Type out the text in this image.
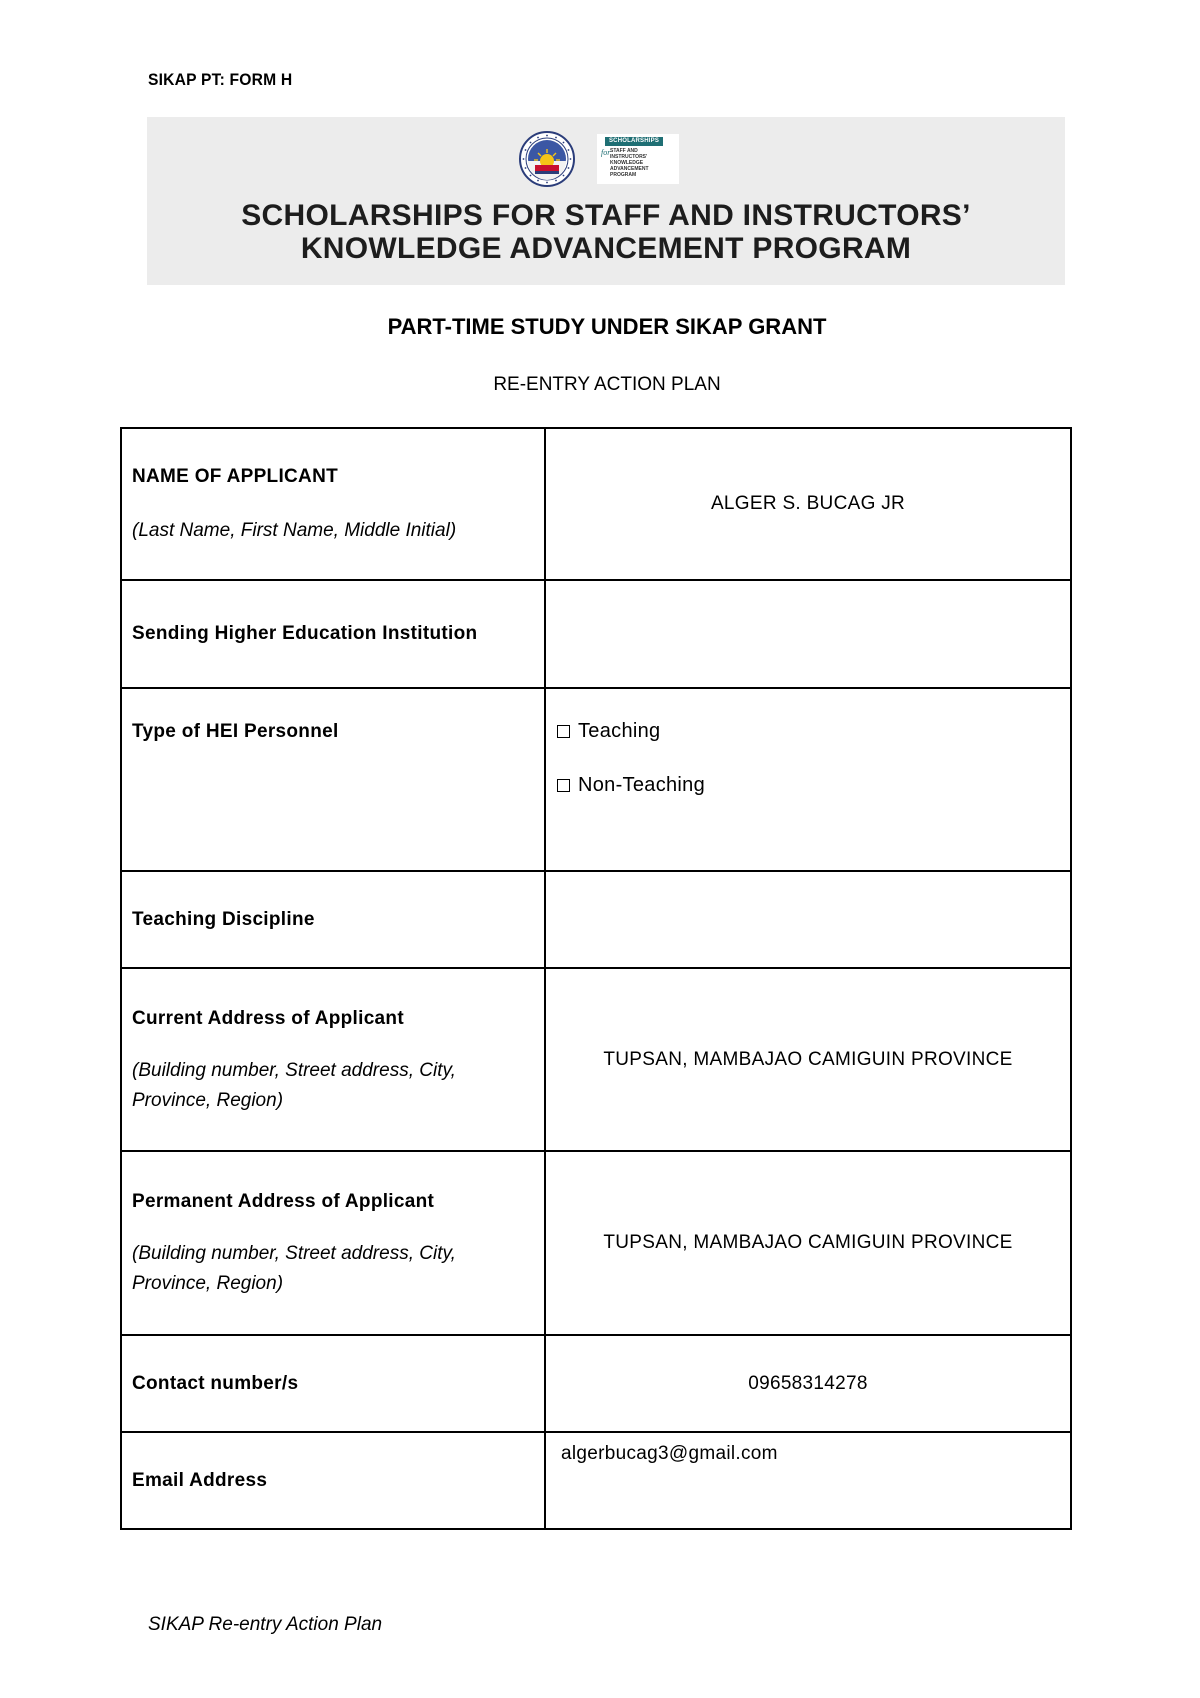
SIKAP PT: FORM H
SCHOLARSHIPS
for STAFF AND
INSTRUCTORS'
KNOWLEDGE
ADVANCEMENT
PROGRAM
SCHOLARSHIPS FOR STAFF AND INSTRUCTORS’
KNOWLEDGE ADVANCEMENT PROGRAM
PART-TIME STUDY UNDER SIKAP GRANT
RE-ENTRY ACTION PLAN
NAME OF APPLICANT
(Last Name, First Name, Middle Initial)	ALGER S. BUCAG JR

Sending Higher Education Institution	

Type of HEI Personnel	Teaching
Non-Teaching

Teaching Discipline	

Current Address of Applicant
(Building number, Street address, City, Province, Region)	TUPSAN, MAMBAJAO CAMIGUIN PROVINCE

Permanent Address of Applicant
(Building number, Street address, City, Province, Region)	TUPSAN, MAMBAJAO CAMIGUIN PROVINCE

Contact number/s	09658314278

Email Address	algerbucag3@gmail.com
SIKAP Re-entry Action Plan
